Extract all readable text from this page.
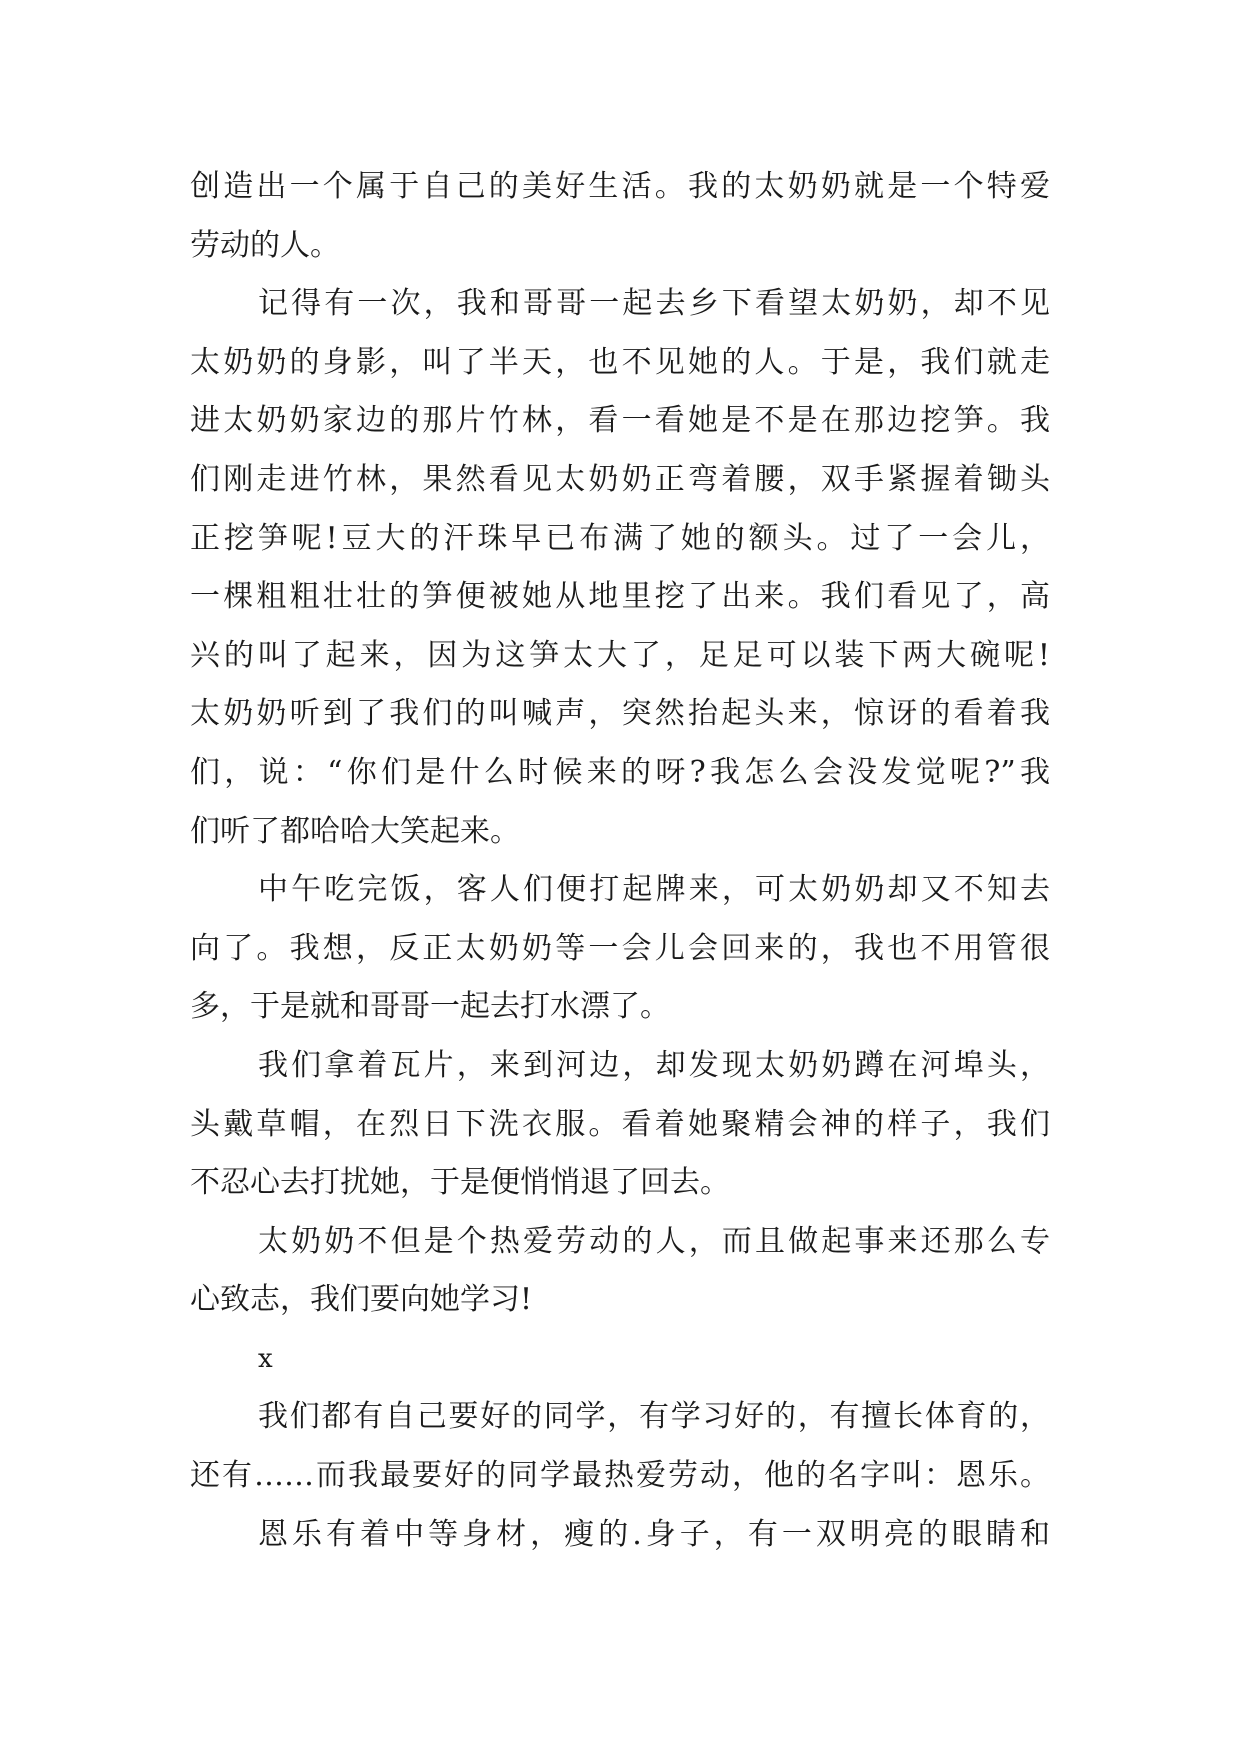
创造出一个属于自己的美好生活。我的太奶奶就是一个特爱
劳动的人。
记得有一次，我和哥哥一起去乡下看望太奶奶，却不见
太奶奶的身影，叫了半天，也不见她的人。于是，我们就走
进太奶奶家边的那片竹林，看一看她是不是在那边挖笋。我
们刚走进竹林，果然看见太奶奶正弯着腰，双手紧握着锄头
正挖笋呢!豆大的汗珠早已布满了她的额头。过了一会儿，
一棵粗粗壮壮的笋便被她从地里挖了出来。我们看见了，高
兴的叫了起来，因为这笋太大了，足足可以装下两大碗呢!
太奶奶听到了我们的叫喊声，突然抬起头来，惊讶的看着我
们，说：“你们是什么时候来的呀?我怎么会没发觉呢?”我
们听了都哈哈大笑起来。
中午吃完饭，客人们便打起牌来，可太奶奶却又不知去
向了。我想，反正太奶奶等一会儿会回来的，我也不用管很
多，于是就和哥哥一起去打水漂了。
我们拿着瓦片，来到河边，却发现太奶奶蹲在河埠头，
头戴草帽，在烈日下洗衣服。看着她聚精会神的样子，我们
不忍心去打扰她，于是便悄悄退了回去。
太奶奶不但是个热爱劳动的人，而且做起事来还那么专
心致志，我们要向她学习!
x
我们都有自己要好的同学，有学习好的，有擅长体育的，
还有……而我最要好的同学最热爱劳动，他的名字叫：恩乐。
恩乐有着中等身材，瘦的.身子，有一双明亮的眼睛和
